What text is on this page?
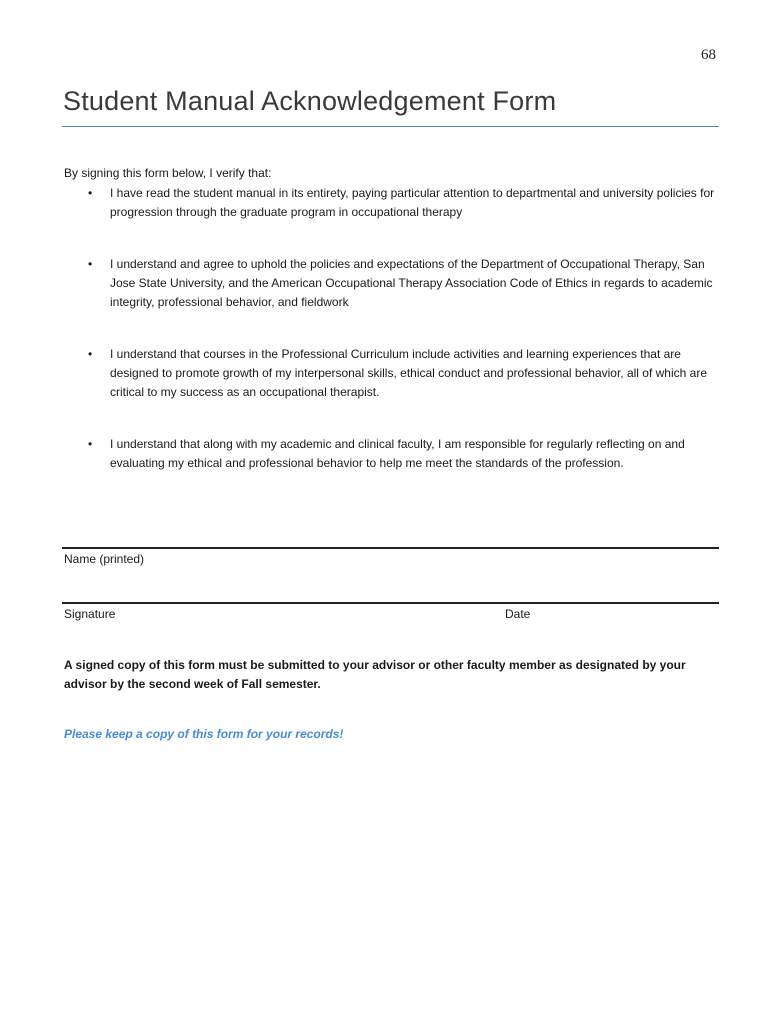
68
Student Manual Acknowledgement Form

By signing this form below, I verify that:

• I have read the student manual in its entirety, paying particular attention to departmental and university policies for progression through the graduate program in occupational therapy
• I understand and agree to uphold the policies and expectations of the Department of Occupational Therapy, San Jose State University, and the American Occupational Therapy Association Code of Ethics in regards to academic integrity, professional behavior, and fieldwork
• I understand that courses in the Professional Curriculum include activities and learning experiences that are designed to promote growth of my interpersonal skills, ethical conduct and professional behavior, all of which are critical to my success as an occupational therapist.
• I understand that along with my academic and clinical faculty, I am responsible for regularly reflecting on and evaluating my ethical and professional behavior to help me meet the standards of the profession.
Name (printed)
Signature	Date

A signed copy of this form must be submitted to your advisor or other faculty member as designated by your advisor by the second week of Fall semester.

Please keep a copy of this form for your records!
